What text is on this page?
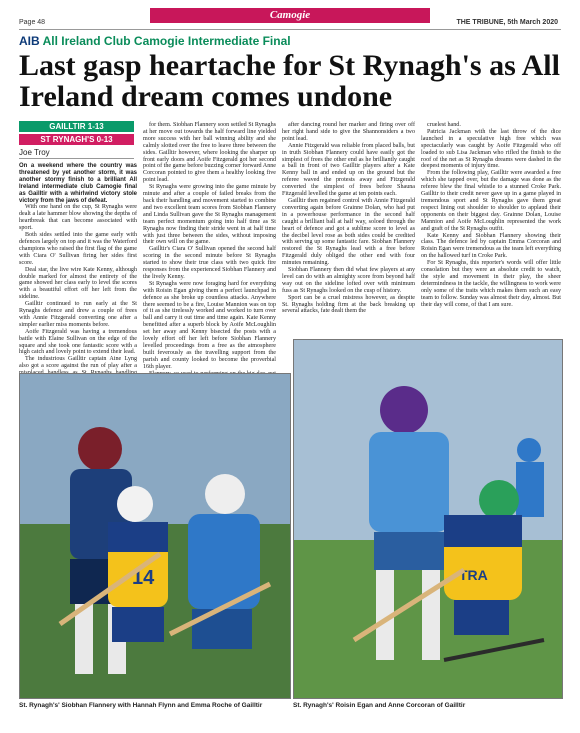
Camogie
Page 48	THE TRIBUNE, 5th March 2020
AIB All Ireland Club Camogie Intermediate Final
Last gasp heartache for St Rynagh's as All Ireland dream comes undone
GAILLTIR 1-13
ST RYNAGH'S 0-13
Joe Troy

On a weekend where the country was threatened by yet another storm, it was another stormy finish to a brilliant All Ireland intermediate club Camogie final as Gailltir with a whirlwind victory stole victory from the jaws of defeat.

With one hand on the cup, St Rynaghs were dealt a late hammer blow showing the depths of heartbreak that can become associated with sport.

Both sides settled into the game early with defences largely on top and it was the Waterford champions who raised the first flag of the game with Ciara O' Sullivan firing her sides first score.

Deal star, the live wire Kate Kenny, although double marked for almost the entirety of the game showed her class early to level the scores with a beautiful effort off her left from the sideline.

Gailltir continued to run early at the St Rynaghs defence and drew a couple of frees with Annie Fitzgerald converting one after a simpler earlier miss moments before.

Aoife Fitzgerald was having a tremendous battle with Elaine Sullivan on the edge of the square and she took one fantastic score with a high catch and lovely point to extend their lead.

The industrious Gailltir captain Aine Lyng also got a score against the run of play after a

for them. Siobhan Flannery soon settled St Rynaghs at her move out towards the half forward line yielded more success with her ball winning ability and she calmly slotted over the free to leave three between the sides. Gailltir however, where looking the sharper up front early doors and Aoife Fitzgerald got her second point of the game before buzzing corner forward Anne Corcoran pointed to give them a healthy looking five point lead.

St Rynaghs were growing into the game minute by minute and after a couple of failed breaks from the back their handling and movement started to combine and two excellent team scores from Siobhan Flannery and Linda Sullivan gave the St Rynaghs management team perfect momentum going into half time as St Rynaghs now finding their stride went in at half time with just three between the sides, without imposing their own will on the game.

Gailltir's Ciara O' Sullivan opened the second half scoring in the second minute before St Rynaghs started to show their true class with two quick fire responses from the experienced Siobhan Flannery and the lively Kenny.

St Rynaghs were now foraging hard for everything with Roisin Egan giving them a perfect launchpad in defence as she broke up countless attacks. Anywhere there seemed to be a fire, Louise Mannion was on top of it as she tirelessly worked and worked to turn over ball and carry it out time and time again. Kate Kenny benefitted after a superb block by Aoife McLoughlin set her away and Kenny bisected the posts with a lovely effort off her left before Siobhan Flannery levelled proceedings from a free as the atmosphere built feverously as the travelling support from the parish and county looked to become the proverbial 16th player.

after dancing round her marker and firing over off her right hand side to give the Shannonsiders a two point lead.

Annie Fitzgerald was reliable from placed balls, but in truth Siobhan Flannery could have easily got the simplest of frees the other end as he brilliantly caught a ball in front of two Gailltir players after a Kate Kenny ball in and ended up on the ground but the referee waved the protests away and Fitzgerald converted the simplest of frees before Shauna Fitzgerald levelled the game at ten points each.

Gailltir then regained control with Annie Fitzgerald converting again before Grainne Dolan, who had put in a powerhouse performance in the second half caught a brilliant ball at half way, soloed through the heart of defence and got a sublime score to level as the decibel level rose as both sides could be credited with serving up some fantastic fare. Siobhan Flannery restored the St Rynaghs lead with a free before Fitzgerald duly obliged the other end with four minutes remaining.

Siobhan Flannery then did what few players at any level can do with an almighty score from beyond half way out on the sideline lofted over with minimum fuss as St Rynaghs looked on the cusp of history.

Sport can be a cruel mistress however, as despite St. Rynaghs holding firm at the back breaking up several attacks, fate dealt them the

cruelest hand.

Patricia Jackman with the last throw of the dice launched in a speculative high free which was spectacularly was caught by Aoife Fitzgerald who off loaded to sub Lisa Jackman who rifled the finish to the roof of the net as St Rynaghs dreams were dashed in the deepest moments of injury time.

From the following play, Gailltir were awarded a free which she tapped over, but the damage was done as the referee blew the final whistle to a stunned Croke Park. Gailltir to their credit never gave up in a game played in tremendous sport and St Rynaghs gave them great respect lining out shoulder to shoulder to applaud their opponents on their biggest day. Grainne Dolan, Louise Mannion and Aoife McLoughlin represented the work and graft of the St Rynaghs outfit.

Kate Kenny and Siobhan Flannery showing their class. The defence led by captain Emma Corcoran and Roisin Egan were tremendous as the team left everything on the hallowed turf in Croke Park.

For St Rynaghs, this reporter's words will offer little consolation but they were an absolute credit to watch, the style and movement in their play, the sheer determindness in the tackle, the willingness to work were only some of the traits which makes them such an easy team to follow. Sunday was almost their day, almost. But their day will come, of that I am sure.

14	TRA
St. Rynagh's' Siobhan Flannery with Hannah Flynn and Emma Roche of Gailltir	St. Rynagh's' Roisin Egan and Anne Corcoran of Gailltir
